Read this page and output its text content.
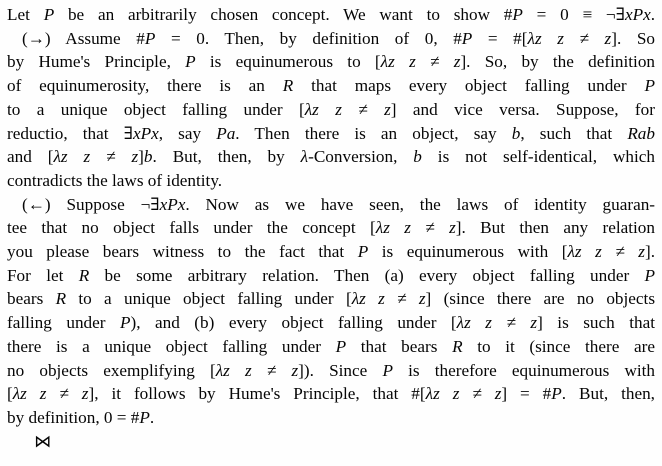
Let P be an arbitrarily chosen concept. We want to show #P = 0 ≡ ¬∃xPx.
(→) Assume #P = 0. Then, by definition of 0, #P = #[λz z ≠ z]. So
by Hume's Principle, P is equinumerous to [λz z ≠ z]. So, by the definition
of equinumerosity, there is an R that maps every object falling under P
to a unique object falling under [λz z ≠ z] and vice versa. Suppose, for
reductio, that ∃xPx, say Pa. Then there is an object, say b, such that Rab
and [λz z ≠ z]b. But, then, by λ-Conversion, b is not self-identical, which
contradicts the laws of identity.
(←) Suppose ¬∃xPx. Now as we have seen, the laws of identity guaran-
tee that no object falls under the concept [λz z ≠ z]. But then any relation
you please bears witness to the fact that P is equinumerous with [λz z ≠ z].
For let R be some arbitrary relation. Then (a) every object falling under P
bears R to a unique object falling under [λz z ≠ z] (since there are no objects
falling under P), and (b) every object falling under [λz z ≠ z] is such that
there is a unique object falling under P that bears R to it (since there are
no objects exemplifying [λz z ≠ z]). Since P is therefore equinumerous with
[λz z ≠ z], it follows by Hume's Principle, that #[λz z ≠ z] = #P. But, then,
by definition, 0 = #P.
⋈
